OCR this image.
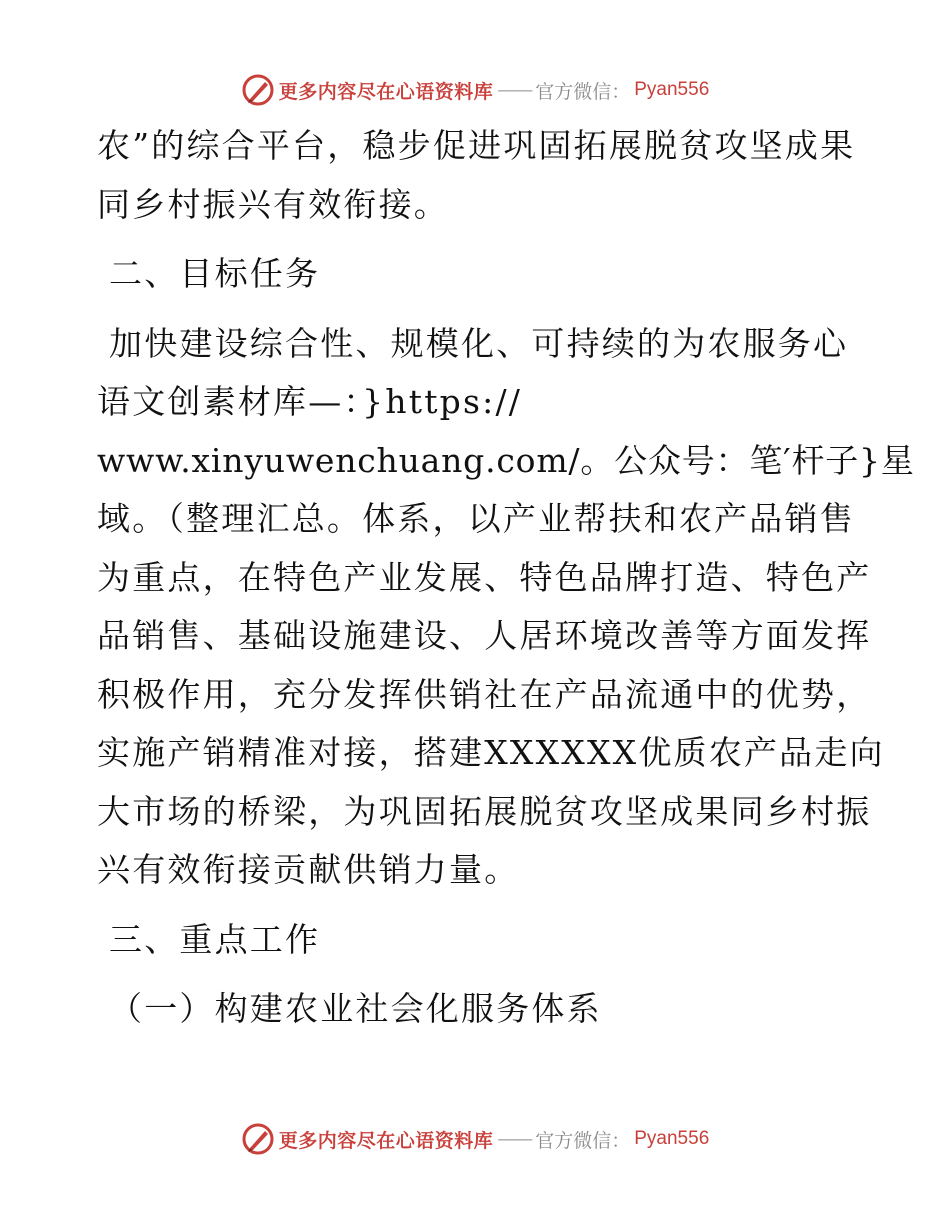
更多内容尽在心语资料库 —— 官方微信： Pyan556
农”的综合平台，稳步促进巩固拓展脱贫攻坚成果
同乡村振兴有效衔接。
二、目标任务
加快建设综合性、规模化、可持续的为农服务心
语文创素材库—：}https://
www.xinyuwenchuang.com/。公众号：笔′杆子}星
域。（整理汇总。体系，以产业帮扶和农产品销售
为重点，在特色产业发展、特色品牌打造、特色产
品销售、基础设施建设、人居环境改善等方面发挥
积极作用，充分发挥供销社在产品流通中的优势，
实施产销精准对接，搭建XXXXXX优质农产品走向
大市场的桥梁，为巩固拓展脱贫攻坚成果同乡村振
兴有效衔接贡献供销力量。
三、重点工作
（一）构建农业社会化服务体系
更多内容尽在心语资料库 —— 官方微信： Pyan556
